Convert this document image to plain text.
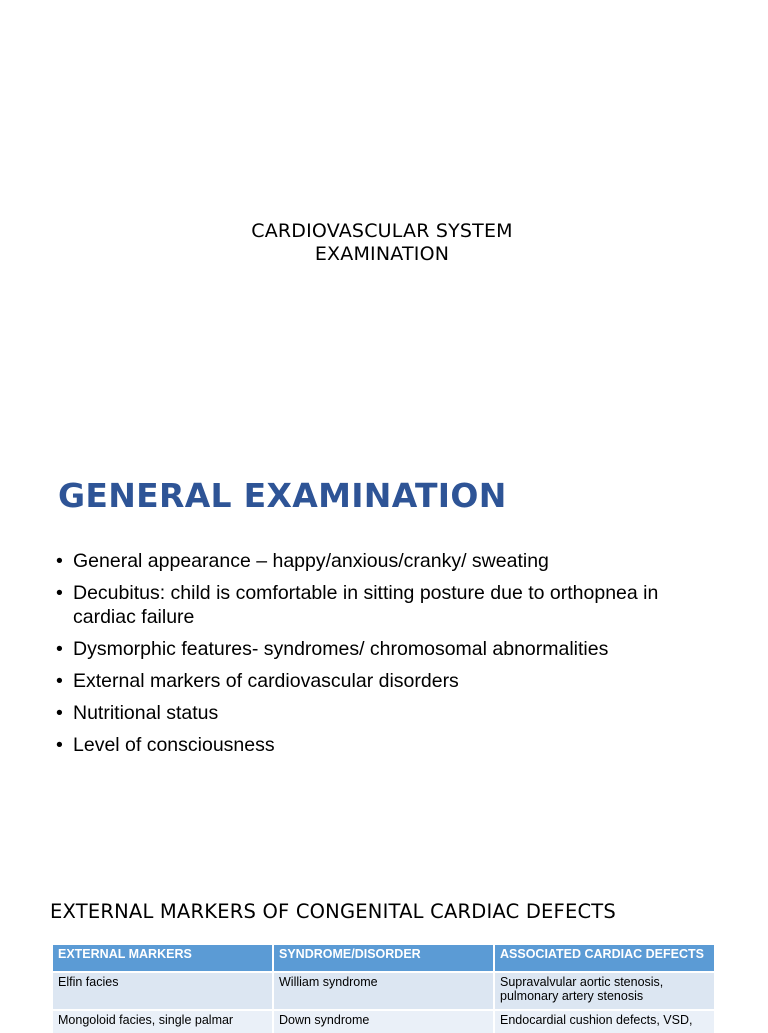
CARDIOVASCULAR SYSTEM
EXAMINATION
GENERAL EXAMINATION
• General appearance – happy/anxious/cranky/ sweating
• Decubitus: child is comfortable in sitting posture due to orthopnea in cardiac failure
• Dysmorphic features- syndromes/ chromosomal abnormalities
• External markers of cardiovascular disorders
• Nutritional status
• Level of consciousness
EXTERNAL MARKERS OF CONGENITAL CARDIAC DEFECTS
EXTERNAL MARKERS	SYNDROME/DISORDER	ASSOCIATED CARDIAC DEFECTS
Elfin facies	William syndrome	Supravalvular aortic stenosis, pulmonary artery stenosis
Mongoloid facies, single palmar	Down syndrome	Endocardial cushion defects, VSD,
